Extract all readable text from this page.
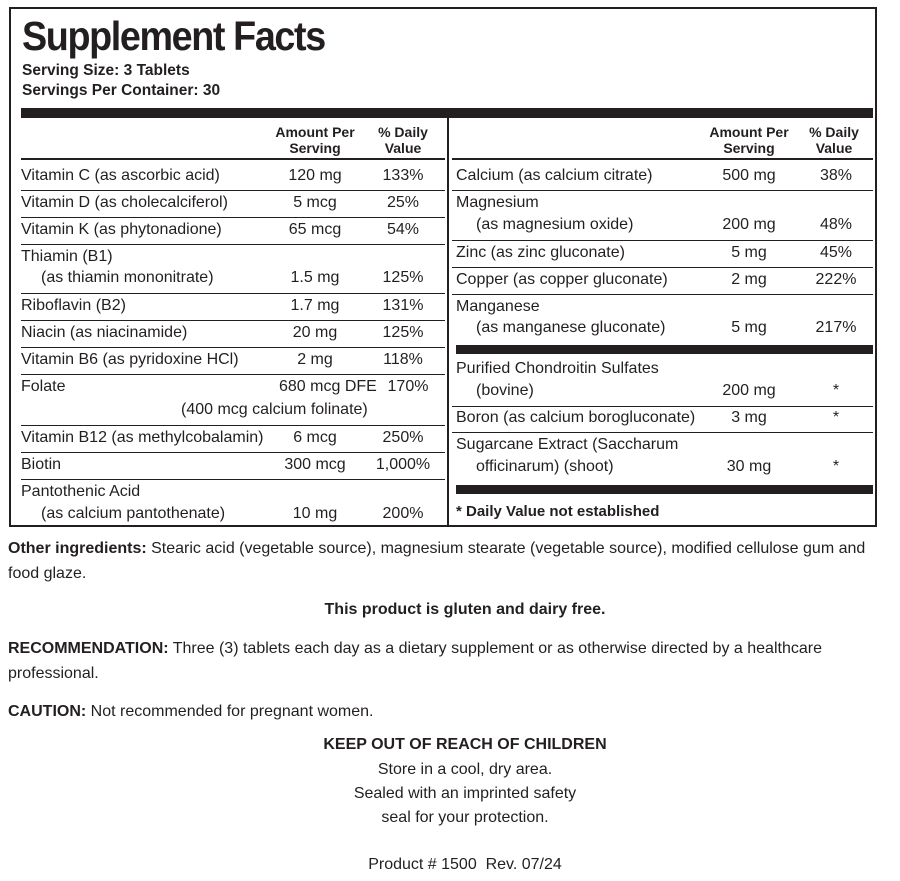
Supplement Facts
Serving Size: 3 Tablets
Servings Per Container: 30
Amount Per
Serving
% Daily
Value
Amount Per
Serving
% Daily
Value
Vitamin C (as ascorbic acid)	120 mg	133%
Vitamin D (as cholecalciferol)	5 mcg	25%
Vitamin K (as phytonadione)	65 mcg	54%
Thiamin (B1)
(as thiamin mononitrate)	1.5 mg	125%
Riboflavin (B2)	1.7 mg	131%
Niacin (as niacinamide)	20 mg	125%
Vitamin B6 (as pyridoxine HCl)	2 mg	118%
Folate	680 mcg DFE 170%
(400 mcg calcium folinate)
Vitamin B12 (as methylcobalamin)	6 mcg	250%
Biotin	300 mcg	1,000%
Pantothenic Acid
(as calcium pantothenate)	10 mg	200%
Calcium (as calcium citrate)	500 mg	38%
Magnesium
(as magnesium oxide)	200 mg	48%
Zinc (as zinc gluconate)	5 mg	45%
Copper (as copper gluconate)	2 mg	222%
Manganese
(as manganese gluconate)	5 mg	217%
Purified Chondroitin Sulfates
(bovine)	200 mg	*
Boron (as calcium borogluconate)	3 mg	*
Sugarcane Extract (Saccharum
officinarum) (shoot)	30 mg	*
* Daily Value not established
Other ingredients: Stearic acid (vegetable source), magnesium stearate (vegetable source), modified cellulose gum and food glaze.
This product is gluten and dairy free.
RECOMMENDATION: Three (3) tablets each day as a dietary supplement or as otherwise directed by a healthcare professional.
CAUTION: Not recommended for pregnant women.
KEEP OUT OF REACH OF CHILDREN
Store in a cool, dry area.
Sealed with an imprinted safety
seal for your protection.
Product # 1500  Rev. 07/24
